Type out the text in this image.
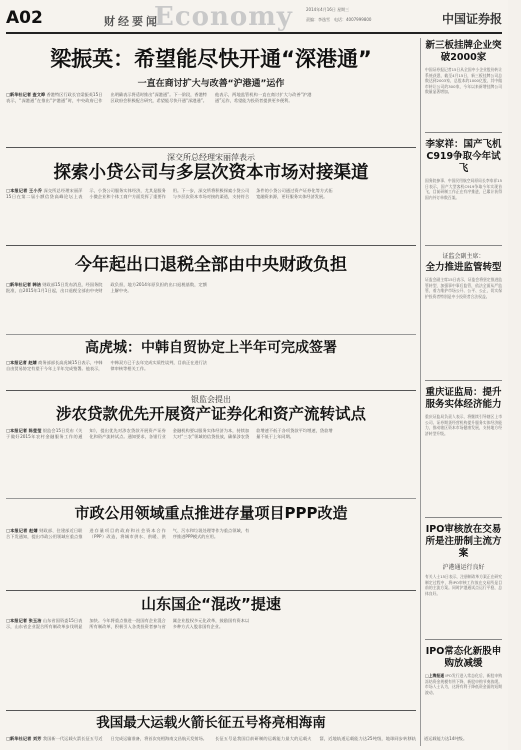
A02	财经要闻
Economy	2014年4月16日 星期三
责编：李逸雪　电话：4007999800	中国证券报
梁振英：希望能尽快开通“深港通”
一直在商讨扩大与改善“沪港通”运作
□新华社记者 查文晔 香港特区行政长官梁振英15日表示，“深港通”在推出“沪港通”时，中央政府已作出明确表示将适时推出“深港通”。下一阶段，香港特区政府会积极配合研究，希望能尽快开通“深港通”。他表示，两地监管机构一直在商讨扩大与改善“沪港通”运作，希望能为投资者提供更多便利。
深交所总经理宋丽萍表示
探索小贷公司与多层次资本市场对接渠道
□本报记者 王小乔 深交所总经理宋丽萍15日在第二届小额信贷高峰论坛上表示，小贷公司服务实体经济，尤其是服务小微企业和个体工商户方面发挥了重要作用。下一步，深交所将积极探索小贷公司与多层次资本市场对接的渠道，支持符合条件的小贷公司通过资产证券化等方式拓宽融资来源，更好服务实体经济发展。
今年起出口退税全部由中央财政负担
□新华社记者 韩洁 财政部15日发布消息，经国务院批准，自2015年1月1日起，出口退税全部由中央财政负担，地方2014年原负担的出口退税基数，定额上解中央。
高虎城：中韩自贸协定上半年可完成签署
□本报记者 赵婧 商务部部长高虎城15日表示，中韩自由贸易协定有望于今年上半年完成签署。他表示，中韩双方已于去年完成实质性谈判，目前正在进行法律审核等相关工作。
银监会提出
涉农贷款优先开展资产证券化和资产流转试点
□本报记者 陈莹莹 银监会15日发布《关于做好2015年农村金融服务工作的通知》，提出优先对涉农贷款开展资产证券化和资产流转试点。通知要求，各银行业金融机构要以服务实体经济为本，持续加大对“三农”领域的信贷投放，确保涉农贷款增速不低于各项贷款平均增速，贷款增量不低于上年同期。
市政公用领域重点推进存量项目PPP改造
□本报记者 赵婧 财政部、住建部近日联合下发通知，提出市政公用领域应重点推进存量项目的政府和社会资本合作（PPP）改造，将城市供水、供暖、供气、污水和垃圾处理等作为重点领域，有序推进PPP模式的应用。
山东国企“混改”提速
□本报记者 张玉洁 山东省国资委15日表示，山东省企业混合所有制改革步伐明显加快。今年将重点推进一批国有企业混合所有制改革，积极引入各类投资者参与省属企业股权多元化改革，鼓励国有资本以多种方式入股非国有企业。
我国最大运载火箭长征五号将亮相海南
□新华社记者 刘芳 我国新一代运载火箭长征五号近日完成运输准备，将首次亮相海南文昌航天发射场。长征五号是我国目前研制的运载能力最大的运载火箭，近地轨道运载能力达25吨级，地球同步转移轨道运载能力达14吨级。
新三板挂牌企业突破2000家
中国证券报记者15日从全国中小企业股份转让系统获悉，截至4月15日，新三板挂牌公司总数达到2003家，总股本约1000亿股，其中做市转让公司约300家，今年以来新增挂牌公司数量显著增加。
李家祥：国产飞机C919争取今年试飞
国务院参事、中国民用航空局原局长李家祥15日表示，国产大型客机C919争取今年实现首飞，目前研制工作正在有序推进，已累计获得国内外订单数百架。
证监会副主席：
全力推进监管转型
证监会副主席15日表示，证监会将坚定推进监管转型，加强事中事后监管，依法全面从严监管，着力维护市场公开、公平、公正，切实保护投资者特别是中小投资者合法权益。
重庆证监局：提升服务实体经济能力
重庆证监局负责人表示，将继续引导辖区上市公司、证券期货经营机构提升服务实体经济能力，推动辖区资本市场健康发展，支持地方经济转型升级。
IPO审核放在交易所是注册制主流方案
沪港通运行良好
有关人士15日表示，注册制改革方案正在研究制定过程中，将IPO审核工作放在交易所是目前的主流方案。同时沪港通试点运行平稳，总体良好。
IPO常态化新股申购放减缓
□上海报道 IPO发行进入常态化后，新股申购冻结资金规模有所下降，新股申购节奏放缓。市场人士认为，这将有利于降低资金面的短期波动。
